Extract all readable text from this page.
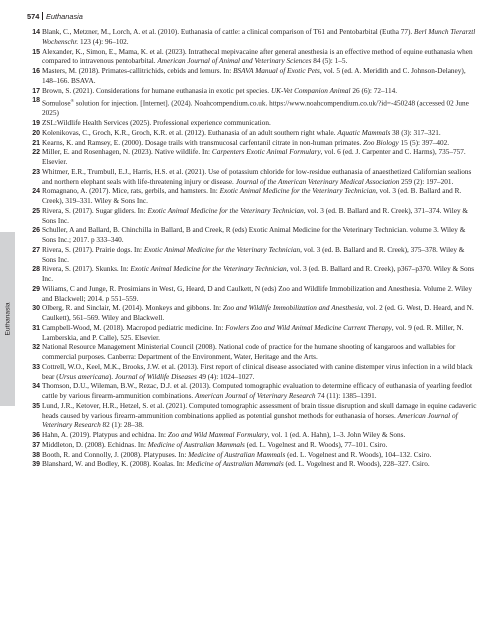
574 Euthanasia
Euthanasia
14 Blank, C., Metzner, M., Lorch, A. et al. (2010). Euthanasia of cattle: a clinical comparison of T61 and Pentobarbital (Eutha 77). Berl Munch Tierarztl Wochenschr. 123 (4): 96–102.
15 Alexander, K., Simon, E., Mama, K. et al. (2023). Intrathecal mepivacaine after general anesthesia is an effective method of equine euthanasia when compared to intravenous pentobarbital. American Journal of Animal and Veterinary Sciences 84 (5): 1–5.
16 Masters, M. (2018). Primates-callitrichids, cebids and lemurs. In: BSAVA Manual of Exotic Pets, vol. 5 (ed. A. Meridith and C. Johnson-Delaney), 148–166. BSAVA.
17 Brown, S. (2021). Considerations for humane euthanasia in exotic pet species. UK-Vet Companion Animal 26 (6): 72–114.
18 Somulose® solution for injection. [Internet]. (2024). Noahcompendium.co.uk. https://www.noahcompendium.co.uk/?id=-450248 (accessed 02 June 2025)
19 ZSL:Wildlife Health Services (2025). Professional experience communication.
20 Kolenikovas, C., Groch, K.R., Groch, K.R. et al. (2012). Euthanasia of an adult southern right whale. Aquatic Mammals 38 (3): 317–321.
21 Kearns, K. and Ramsey, E. (2000). Dosage trails with transmucosal carfentanil citrate in non-human primates. Zoo Biology 15 (5): 397–402.
22 Miller, E. and Rosenhagen, N. (2023). Native wildlife. In: Carpenters Exotic Animal Formulary, vol. 6 (ed. J. Carpenter and C. Harms), 735–757. Elsevier.
23 Whitmer, E.R., Trumbull, E.J., Harris, H.S. et al. (2021). Use of potassium chloride for low-residue euthanasia of anaesthetized Californian sealions and northern elephant seals with life-threatening injury or disease. Journal of the American Veterinary Medical Association 259 (2): 197–201.
24 Romagnano, A. (2017). Mice, rats, gerbils, and hamsters. In: Exotic Animal Medicine for the Veterinary Technician, vol. 3 (ed. B. Ballard and R. Creek), 319–331. Wiley & Sons Inc.
25 Rivera, S. (2017). Sugar gliders. In: Exotic Animal Medicine for the Veterinary Technician, vol. 3 (ed. B. Ballard and R. Creek), 371–374. Wiley & Sons Inc.
26 Schuller, A and Ballard, B. Chinchilla in Ballard, B and Creek, R (eds) Exotic Animal Medicine for the Veterinary Technician. volume 3. Wiley & Sons Inc.; 2017. p 333–340.
27 Rivera, S. (2017). Prairie dogs. In: Exotic Animal Medicine for the Veterinary Technician, vol. 3 (ed. B. Ballard and R. Creek), 375–378. Wiley & Sons Inc.
28 Rivera, S. (2017). Skunks. In: Exotic Animal Medicine for the Veterinary Technician, vol. 3 (ed. B. Ballard and R. Creek), p367–p370. Wiley & Sons Inc.
29 Wiliams, C and Junge, R. Prosimians in West, G, Heard, D and Caulkett, N (eds) Zoo and Wildlife Immobilization and Anesthesia. Volume 2. Wiley and Blackwell; 2014. p 551–559.
30 Olberg, R. and Sinclair, M. (2014). Monkeys and gibbons. In: Zoo and Wildlife Immobilization and Anesthesia, vol. 2 (ed. G. West, D. Heard, and N. Caulkett), 561–569. Wiley and Blackwell.
31 Campbell-Wood, M. (2018). Macropod pediatric medicine. In: Fowlers Zoo and Wild Animal Medicine Current Therapy, vol. 9 (ed. R. Miller, N. Lamberskia, and P. Calle), 525. Elsevier.
32 National Resource Management Ministerial Council (2008). National code of practice for the humane shooting of kangaroos and wallabies for commercial purposes. Canberra: Department of the Environment, Water, Heritage and the Arts.
33 Cottrell, W.O., Keel, M.K., Brooks, J.W. et al. (2013). First report of clinical disease associated with canine distemper virus infection in a wild black bear (Ursus americana). Journal of Wildlife Diseases 49 (4): 1024–1027.
34 Thomson, D.U., Wileman, B.W., Rezac, D.J. et al. (2013). Computed tomographic evaluation to determine efficacy of euthanasia of yearling feedlot cattle by various firearm-ammunition combinations. American Journal of Veterinary Research 74 (11): 1385–1391.
35 Lund, J.R., Ketover, H.R., Hetzel, S. et al. (2021). Computed tomographic assessment of brain tissue disruption and skull damage in equine cadaveric heads caused by various firearm-ammunition combinations applied as potential gunshot methods for euthanasia of horses. American Journal of Veterinary Research 82 (1): 28–38.
36 Hahn, A. (2019). Platypus and echidna. In: Zoo and Wild Mammal Formulary, vol. 1 (ed. A. Hahn), 1–3. John Wiley & Sons.
37 Middleton, D. (2008). Echidnas. In: Medicine of Australian Mammals (ed. L. Vogelnest and R. Woods), 77–101. Csiro.
38 Booth, R. and Connolly, J. (2008). Platypuses. In: Medicine of Australian Mammals (ed. L. Vogelnest and R. Woods), 104–132. Csiro.
39 Blanshard, W. and Bodley, K. (2008). Koalas. In: Medicine of Australian Mammals (ed. L. Vogelnest and R. Woods), 228–327. Csiro.
